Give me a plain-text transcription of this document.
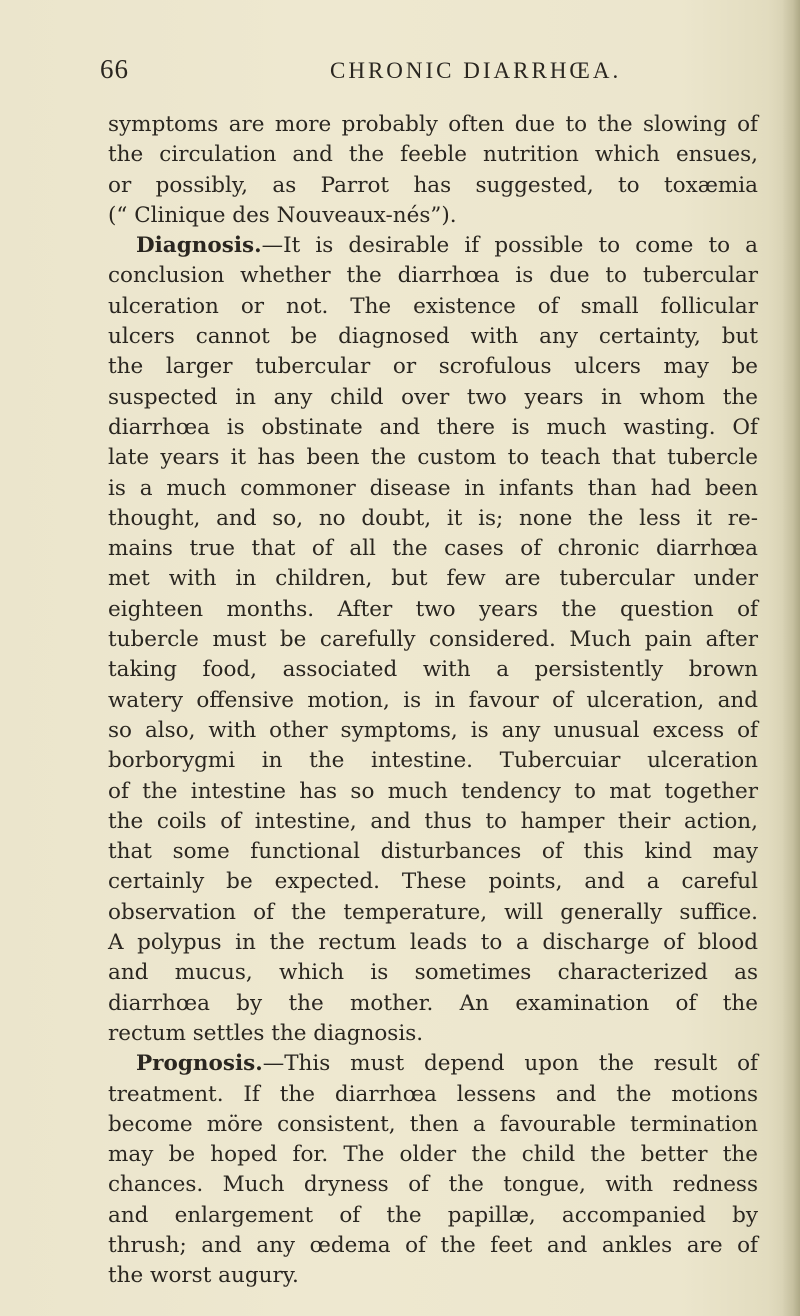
66	CHRONIC DIARRHŒA.
symptoms are more probably often due to the slowing of
the circulation and the feeble nutrition which ensues,
or possibly, as Parrot has suggested, to toxæmia
(“ Clinique des Nouveaux-nés”).
Diagnosis.—It is desirable if possible to come to a
conclusion whether the diarrhœa is due to tubercular
ulceration or not. The existence of small follicular
ulcers cannot be diagnosed with any certainty, but
the larger tubercular or scrofulous ulcers may be
suspected in any child over two years in whom the
diarrhœa is obstinate and there is much wasting. Of
late years it has been the custom to teach that tubercle
is a much commoner disease in infants than had been
thought, and so, no doubt, it is; none the less it re-
mains true that of all the cases of chronic diarrhœa
met with in children, but few are tubercular under
eighteen months. After two years the question of
tubercle must be carefully considered. Much pain after
taking food, associated with a persistently brown
watery offensive motion, is in favour of ulceration, and
so also, with other symptoms, is any unusual excess of
borborygmi in the intestine. Tubercuiar ulceration
of the intestine has so much tendency to mat together
the coils of intestine, and thus to hamper their action,
that some functional disturbances of this kind may
certainly be expected. These points, and a careful
observation of the temperature, will generally suffice.
A polypus in the rectum leads to a discharge of blood
and mucus, which is sometimes characterized as
diarrhœa by the mother. An examination of the
rectum settles the diagnosis.
Prognosis.—This must depend upon the result of
treatment. If the diarrhœa lessens and the motions
become möre consistent, then a favourable termination
may be hoped for. The older the child the better the
chances. Much dryness of the tongue, with redness
and enlargement of the papillæ, accompanied by
thrush; and any œdema of the feet and ankles are of
the worst augury.
